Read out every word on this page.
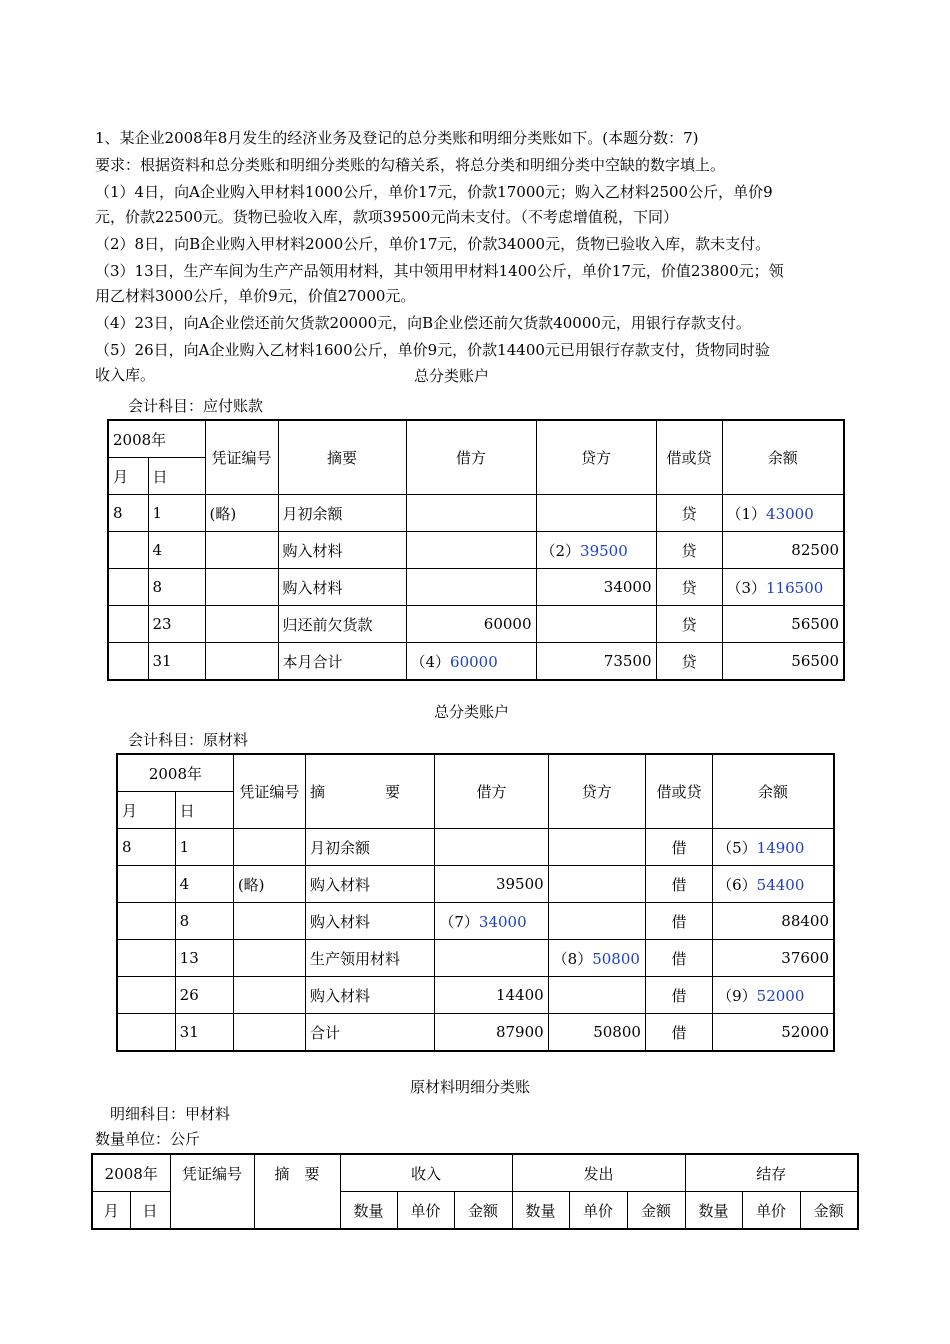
1、某企业2008年8月发生的经济业务及登记的总分类账和明细分类账如下。(本题分数：7)
要求：根据资料和总分类账和明细分类账的勾稽关系，将总分类和明细分类中空缺的数字填上。
（1）4日，向A企业购入甲材料1000公斤，单价17元，价款17000元；购入乙材料2500公斤，单价9
元，价款22500元。货物已验收入库，款项39500元尚未支付。（不考虑增值税，下同）
（2）8日，向B企业购入甲材料2000公斤，单价17元，价款34000元，货物已验收入库，款未支付。
（3）13日，生产车间为生产产品领用材料，其中领用甲材料1400公斤，单价17元，价值23800元；领
用乙材料3000公斤，单价9元，价值27000元。
（4）23日，向A企业偿还前欠货款20000元，向B企业偿还前欠货款40000元，用银行存款支付。
（5）26日，向A企业购入乙材料1600公斤，单价9元，价款14400元已用银行存款支付，货物同时验
收入库。	总分类账户
会计科目：应付账款
2008年		凭证编号	摘要	借方	贷方	借或贷	余额
月	日						
8	1	(略)	月初余额			贷	（1）43000
	4		购入材料		（2）39500	贷	82500
	8		购入材料		34000	贷	（3）116500
	23		归还前欠货款	60000		贷	56500
	31		本月合计	（4）60000	73500	贷	56500
总分类账户
会计科目：原材料
2008年		凭证编号	摘　　　　要	借方	贷方	借或贷	余额
月	日						
8	1		月初余额			借	（5）14900
	4	(略)	购入材料	39500		借	（6）54400
	8		购入材料	（7）34000		借	88400
	13		生产领用材料		（8）50800	借	37600
	26		购入材料	14400		借	（9）52000
	31		合计	87900	50800	借	52000
原材料明细分类账
明细科目：甲材料
数量单位：公斤
2008年		凭证编号	摘　要	收入			发出			结存		
月	日			数量	单价	金额	数量	单价	金额	数量	单价	金额
